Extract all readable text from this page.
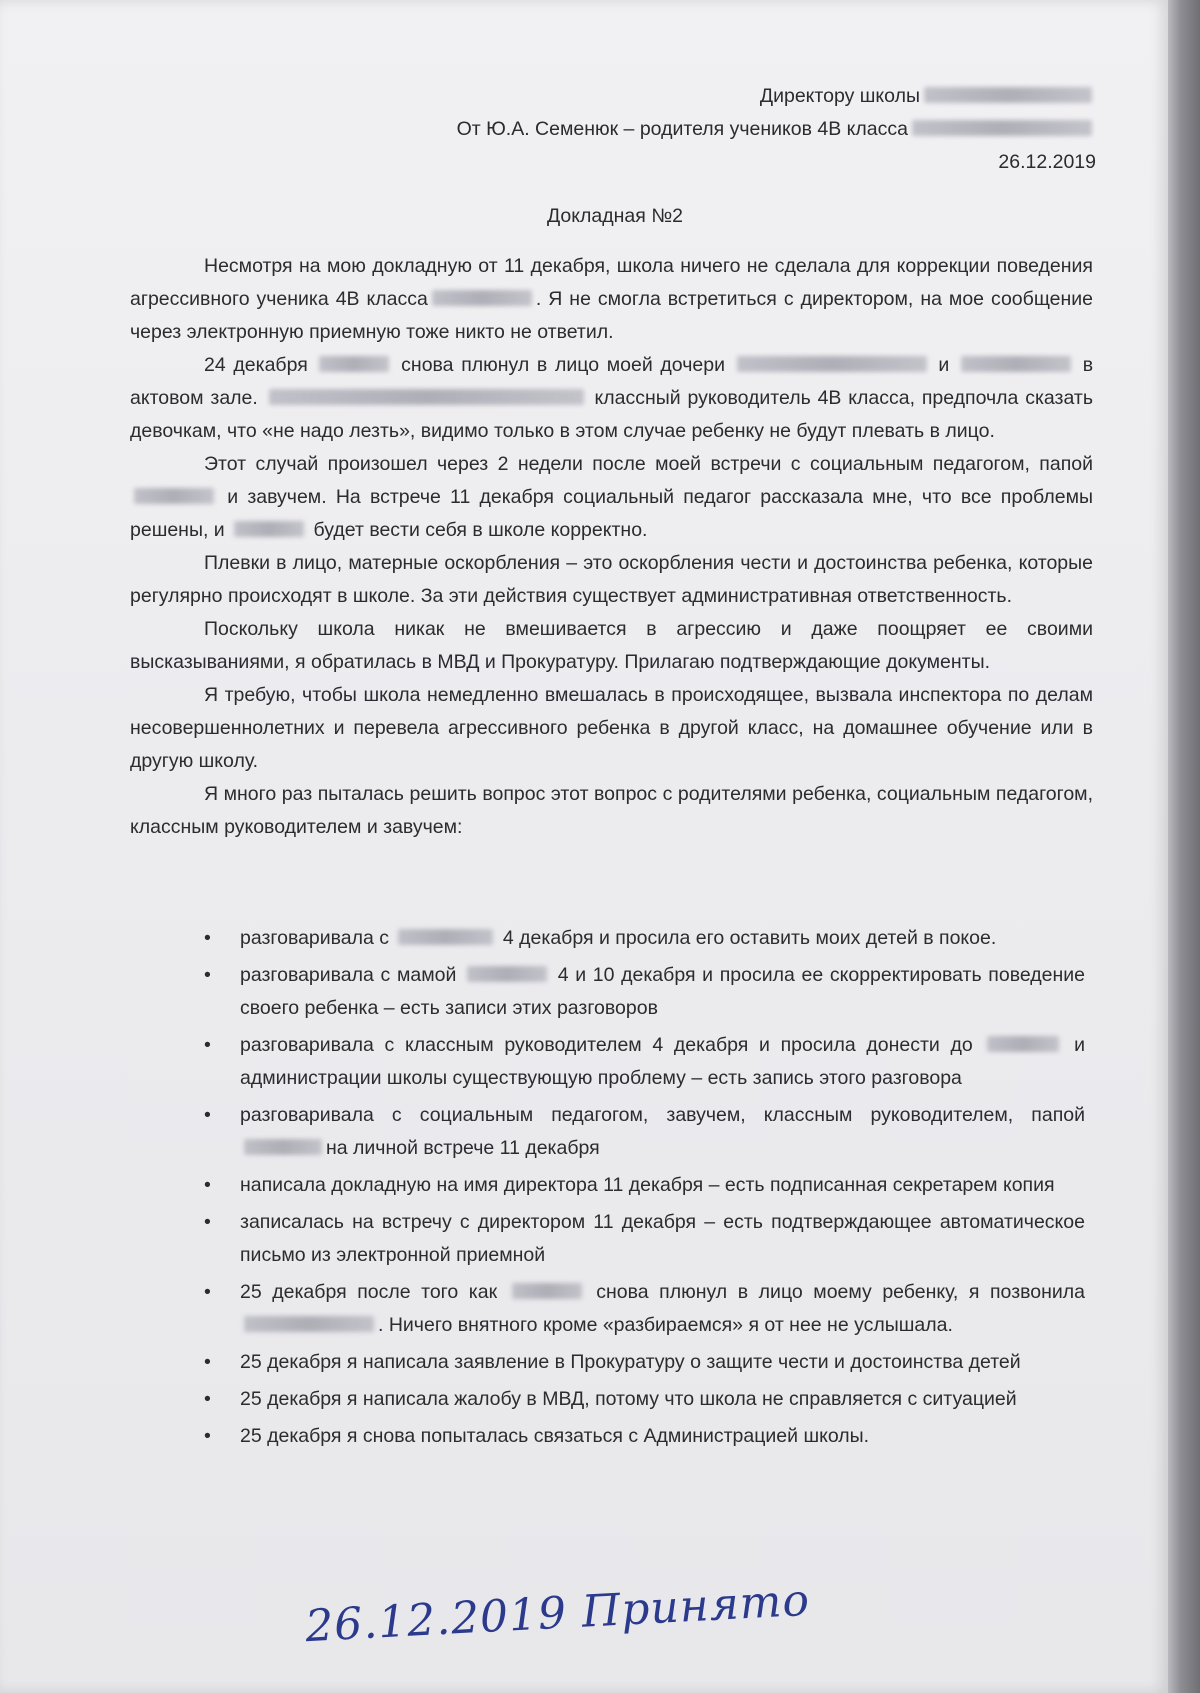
Директору школы
От Ю.А. Семенюк – родителя учеников 4В класса
26.12.2019
Докладная №2

Несмотря на мою докладную от 11 декабря, школа ничего не сделала для коррекции поведения агрессивного ученика 4В класса	. Я не смогла встретиться с директором, на мое сообщение через электронную приемную тоже никто не ответил.

24 декабря	снова плюнул в лицо моей дочери	и	в актовом зале.	классный руководитель 4В класса, предпочла сказать девочкам, что «не надо лезть», видимо только в этом случае ребенку не будут плевать в лицо.

Этот случай произошел через 2 недели после моей встречи с социальным педагогом, папой  и завучем. На встрече 11 декабря социальный педагог рассказала мне, что все проблемы решены, и	будет вести себя в школе корректно.

Плевки в лицо, матерные оскорбления – это оскорбления чести и достоинства ребенка, которые регулярно происходят в школе. За эти действия существует административная ответственность.

Поскольку школа никак не вмешивается в агрессию и даже поощряет ее своими высказываниями, я обратилась в МВД и Прокуратуру. Прилагаю подтверждающие документы.

Я требую, чтобы школа немедленно вмешалась в происходящее, вызвала инспектора по делам несовершеннолетних и перевела агрессивного ребенка в другой класс, на домашнее обучение или в другую школу.

Я много раз пыталась решить вопрос этот вопрос с родителями ребенка, социальным педагогом, классным руководителем и завучем:

• разговаривала с	4 декабря и просила его оставить моих детей в покое.
• разговаривала с мамой	4 и 10 декабря и просила ее скорректировать поведение своего ребенка – есть записи этих разговоров
• разговаривала с классным руководителем 4 декабря и просила донести до	и администрации школы существующую проблему – есть запись этого разговора
• разговаривала с социальным педагогом, завучем, классным руководителем, папой на личной встрече 11 декабря
• написала докладную на имя директора 11 декабря – есть подписанная секретарем копия
• записалась на встречу с директором 11 декабря – есть подтверждающее автоматическое письмо из электронной приемной
• 25 декабря после того как	снова плюнул в лицо моему ребенку, я позвонила . Ничего внятного кроме «разбираемся» я от нее не услышала.
• 25 декабря я написала заявление в Прокуратуру о защите чести и достоинства детей
• 25 декабря я написала жалобу в МВД, потому что школа не справляется с ситуацией
• 25 декабря я снова попыталась связаться с Администрацией школы.
26.12.2019 Принято
